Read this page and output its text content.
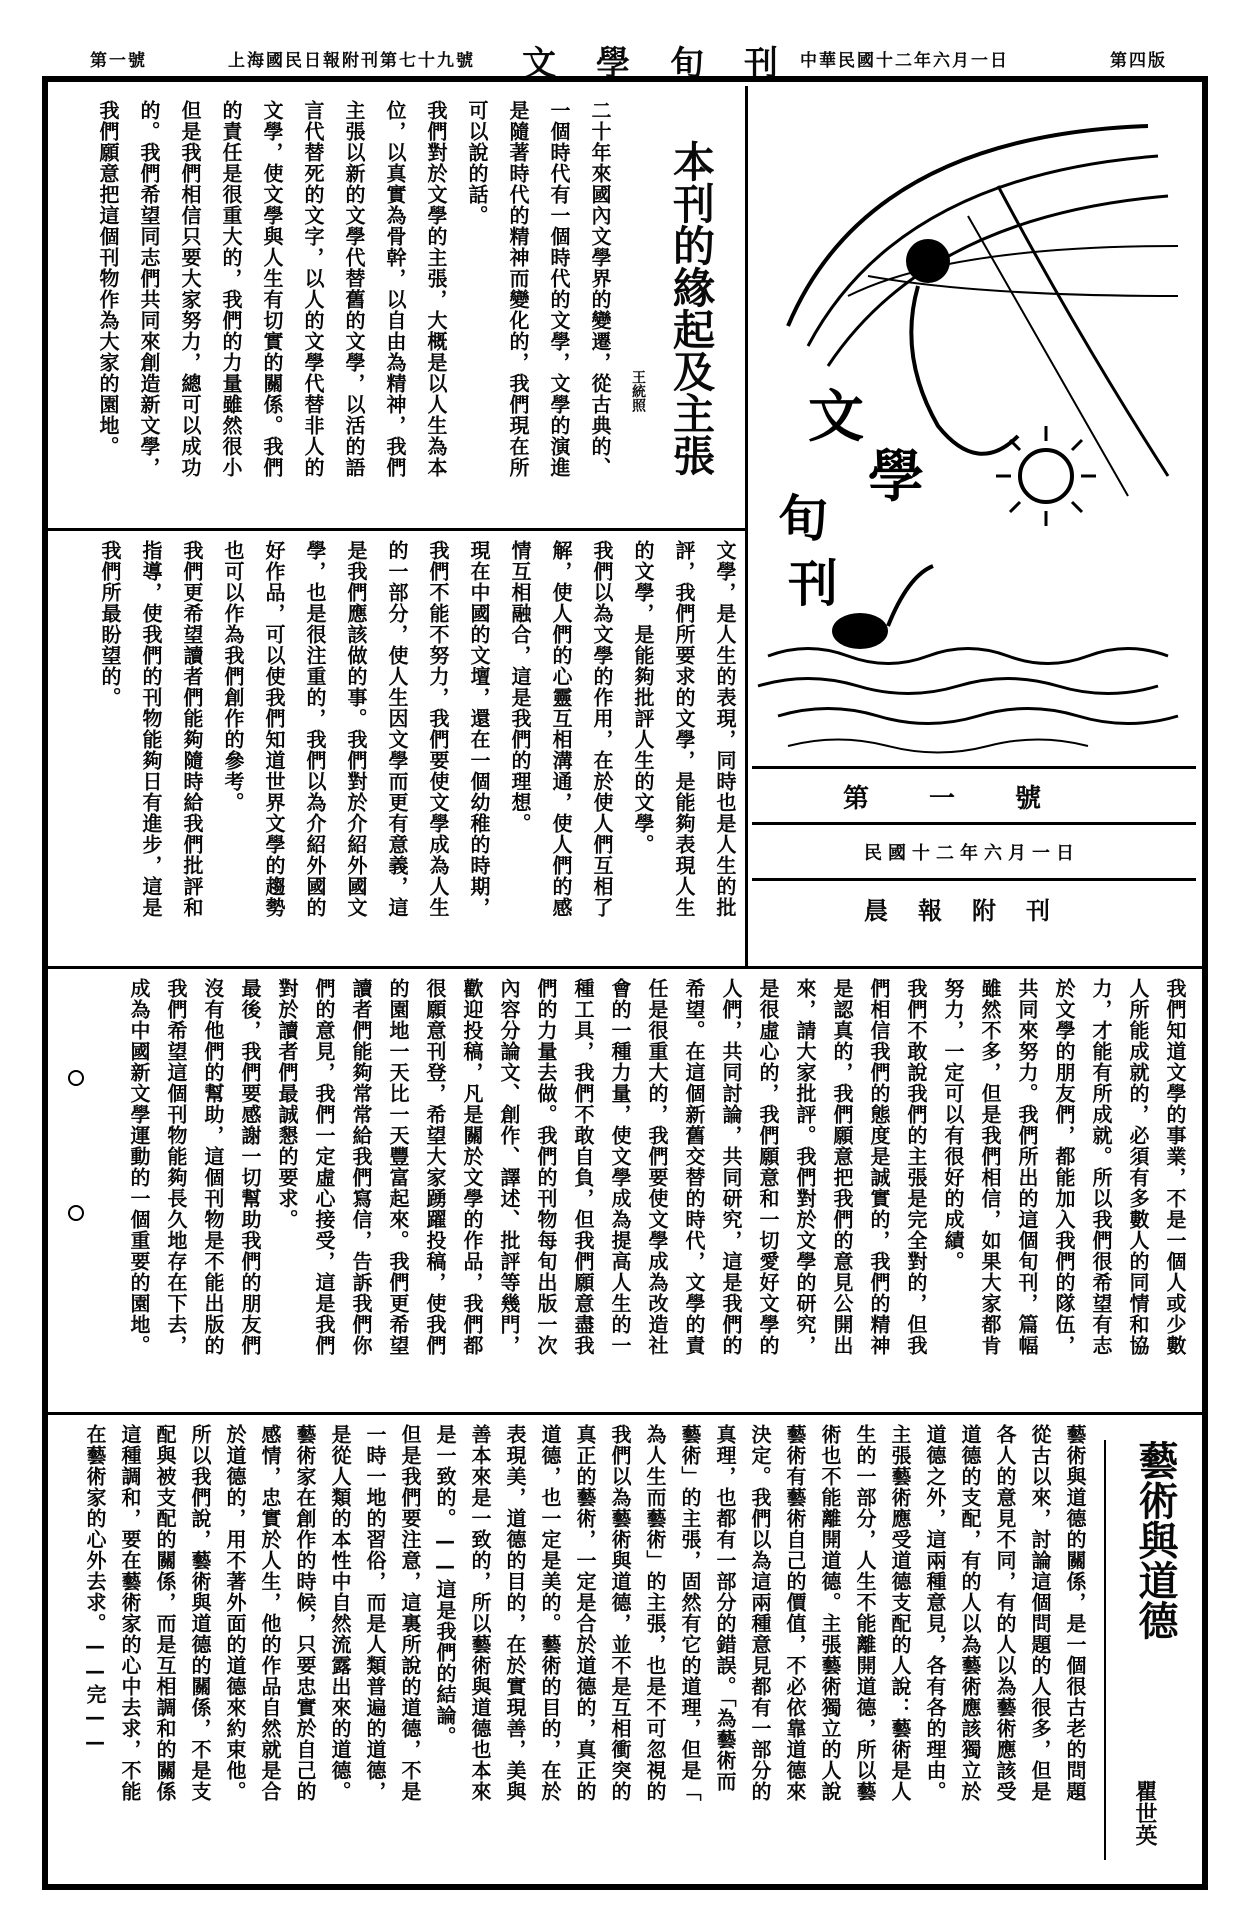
第一號	上海國民日報附刊第七十九號 文學旬刊
中華民國十二年六月一日	第四版
文
學
旬
刊
第一號
民國十二年六月一日
晨報附刊
本刊的緣起及主張
王統照
二十年來國內文學界的變遷，從古典的、
一個時代有一個時代的文學，文學的演進
是隨著時代的精神而變化的，我們現在所
可以說的話。
我們對於文學的主張，大概是以人生為本
位，以真實為骨幹，以自由為精神，我們
主張以新的文學代替舊的文學，以活的語
言代替死的文字，以人的文學代替非人的
文學，使文學與人生有切實的關係。我們
的責任是很重大的，我們的力量雖然很小
但是我們相信只要大家努力，總可以成功
的。我們希望同志們共同來創造新文學，
我們願意把這個刊物作為大家的園地。
文學，是人生的表現，同時也是人生的批
評，我們所要求的文學，是能夠表現人生
的文學，是能夠批評人生的文學。
我們以為文學的作用，在於使人們互相了
解，使人們的心靈互相溝通，使人們的感
情互相融合，這是我們的理想。
現在中國的文壇，還在一個幼稚的時期，
我們不能不努力，我們要使文學成為人生
的一部分，使人生因文學而更有意義，這
是我們應該做的事。我們對於介紹外國文
學，也是很注重的，我們以為介紹外國的
好作品，可以使我們知道世界文學的趨勢
也可以作為我們創作的參考。
我們更希望讀者們能夠隨時給我們批評和
指導，使我們的刊物能夠日有進步，這是
我們所最盼望的。
我們知道文學的事業，不是一個人或少數
人所能成就的，必須有多數人的同情和協
力，才能有所成就。所以我們很希望有志
於文學的朋友們，都能加入我們的隊伍，
共同來努力。我們所出的這個旬刊，篇幅
雖然不多，但是我們相信，如果大家都肯
努力，一定可以有很好的成績。
我們不敢說我們的主張是完全對的，但我
們相信我們的態度是誠實的，我們的精神
是認真的，我們願意把我們的意見公開出
來，請大家批評。我們對於文學的研究，
是很虛心的，我們願意和一切愛好文學的
人們，共同討論，共同研究，這是我們的
希望。在這個新舊交替的時代，文學的責
任是很重大的，我們要使文學成為改造社
會的一種力量，使文學成為提高人生的一
種工具，我們不敢自負，但我們願意盡我
們的力量去做。我們的刊物每旬出版一次
內容分論文、創作、譯述、批評等幾門，
歡迎投稿，凡是關於文學的作品，我們都
很願意刊登，希望大家踴躍投稿，使我們
的園地一天比一天豐富起來。我們更希望
讀者們能夠常常給我們寫信，告訴我們你
們的意見，我們一定虛心接受，這是我們
對於讀者們最誠懇的要求。
最後，我們要感謝一切幫助我們的朋友們
沒有他們的幫助，這個刊物是不能出版的
我們希望這個刊物能夠長久地存在下去，
成為中國新文學運動的一個重要的園地。
藝術與道德
瞿世英
藝術與道德的關係，是一個很古老的問題
從古以來，討論這個問題的人很多，但是
各人的意見不同，有的人以為藝術應該受
道德的支配，有的人以為藝術應該獨立於
道德之外，這兩種意見，各有各的理由。
主張藝術應受道德支配的人說：藝術是人
生的一部分，人生不能離開道德，所以藝
術也不能離開道德。主張藝術獨立的人說
藝術有藝術自己的價值，不必依靠道德來
決定。我們以為這兩種意見都有一部分的
真理，也都有一部分的錯誤。「為藝術而
藝術」的主張，固然有它的道理，但是「
為人生而藝術」的主張，也是不可忽視的
我們以為藝術與道德，並不是互相衝突的
真正的藝術，一定是合於道德的，真正的
道德，也一定是美的。藝術的目的，在於
表現美，道德的目的，在於實現善，美與
善本來是一致的，所以藝術與道德也本來
是一致的。——這是我們的結論。
但是我們要注意，這裏所說的道德，不是
一時一地的習俗，而是人類普遍的道德，
是從人類的本性中自然流露出來的道德。
藝術家在創作的時候，只要忠實於自己的
感情，忠實於人生，他的作品自然就是合
於道德的，用不著外面的道德來約束他。
所以我們說，藝術與道德的關係，不是支
配與被支配的關係，而是互相調和的關係
這種調和，要在藝術家的心中去求，不能
在藝術家的心外去求。——完——
